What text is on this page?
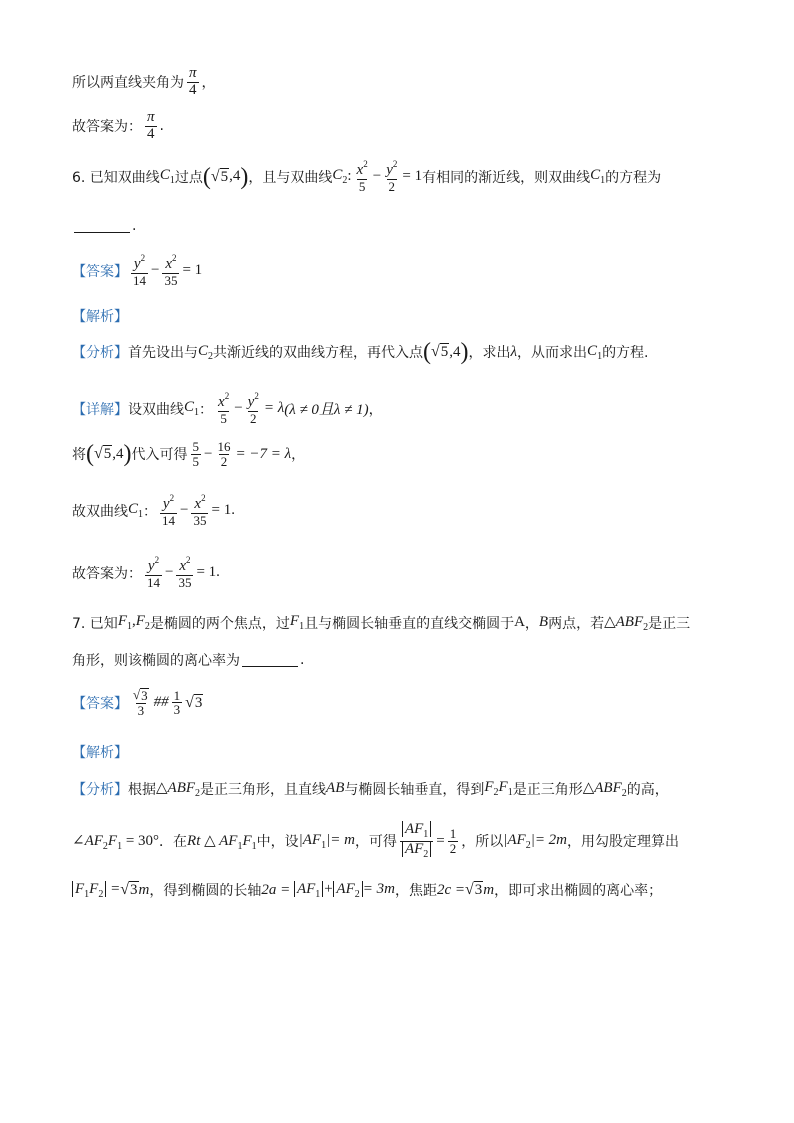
所以两直线夹角为 $\frac{\pi}{4}$ ，
故答案为： $\frac{\pi}{4}$ .
6. 已知双曲线 $C_1$ 过点 ( √ 5 ,4 ) ，且与双曲线 $C_2$ : $\frac{x^2}{5} - \frac{y^2}{2} = 1$ 有相同的渐近线，则双曲线 $C_1$ 的方程为
.
【答案】 $\frac{y^2}{14} - \frac{x^2}{35} = 1$
【解析】
【分析】 首先设出与 $C_2$ 共渐近线的双曲线方程，再代入点 ( √ 5 ,4 ) ，求出 λ ，从而求出 $C_1$ 的方程.
【详解】 设双曲线 $C_1$ ： $\frac{x^2}{5} - \frac{y^2}{2} = \lambda$ (λ ≠ 0且λ ≠ 1) ，
将 ( √ 5 ,4 ) 代入可得 $\frac{5}{5} - \frac{16}{2} = -7 = \lambda$ ，
故双曲线 $C_1$ ： $\frac{y^2}{14} - \frac{x^2}{35} = 1$.
故答案为： $\frac{y^2}{14} - \frac{x^2}{35} = 1$.
7. 已知 $F_1,F_2$ 是椭圆的两个焦点，过 $F_1$ 且与椭圆长轴垂直的直线交椭圆于 A ， B 两点，若 $\triangle ABF_2$ 是正三
角形，则该椭圆的离心率为	.
【答案】 $\frac{√ 3}{3}$ ## $\frac{1}{3}$ √ 3
【解析】
【分析】 根据 $\triangle ABF_2$ 是正三角形，且直线 AB 与椭圆长轴垂直，得到 $F_2F_1$ 是正三角形 $\triangle ABF_2$ 的高，
$\angle AF_2F_1 = 30^\circ$ ．在 Rt △ $AF_1F_1$ 中，设 $|AF_1|= m$ ，可得 $\frac{AF_1}{AF_2} = \frac{1}{2}$ ，所以 $|AF_2|= 2m$ ，用勾股定理算出
$F_1F_2$ = √ 3 m ，得到椭圆的长轴 $2a = AF_1 + AF_2 = 3m$ ，焦距 2c = √ 3 m ，即可求出椭圆的离心率；
